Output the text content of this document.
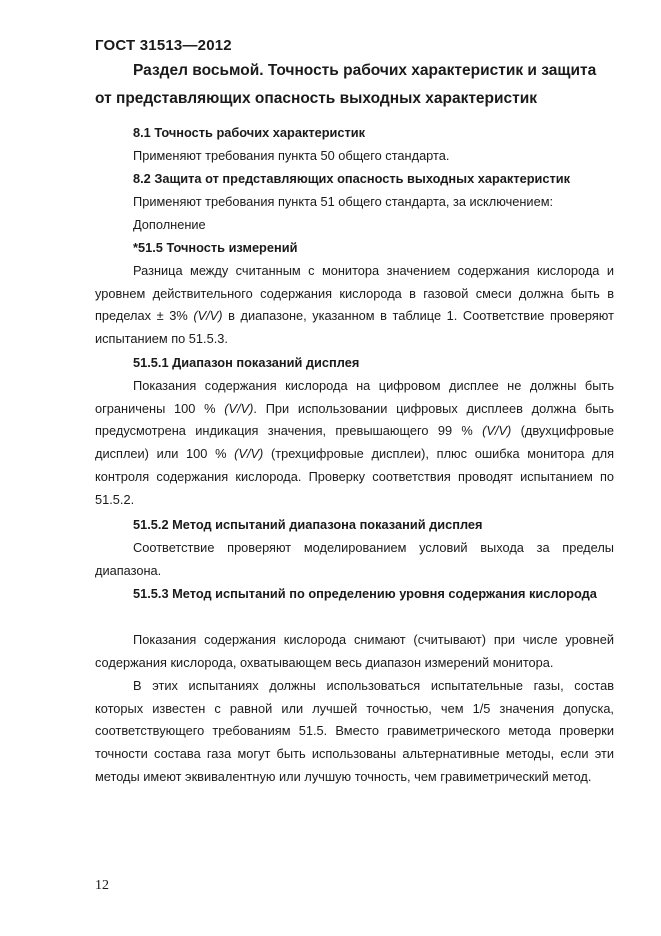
ГОСТ 31513—2012
Раздел восьмой. Точность рабочих характеристик и защита
от представляющих опасность выходных характеристик
8.1 Точность рабочих характеристик
Применяют требования пункта 50 общего стандарта.
8.2 Защита от представляющих опасность выходных характеристик
Применяют требования пункта 51 общего стандарта, за исключением:
Дополнение
*51.5 Точность измерений
Разница между считанным с монитора значением содержания кислорода и уровнем действительного содержания кислорода в газовой смеси должна быть в пределах ± 3% (V/V) в диапазоне, указанном в таблице 1. Соответствие проверяют испытанием по 51.5.3.
51.5.1 Диапазон показаний дисплея
Показания содержания кислорода на цифровом дисплее не должны быть ограничены 100 % (V/V). При использовании цифровых дисплеев должна быть предусмотрена индикация значения, превышающего 99 % (V/V) (двухцифровые дисплеи) или 100 % (V/V) (трехцифровые дисплеи), плюс ошибка монитора для контроля содержания кислорода. Проверку соответствия проводят испытанием по 51.5.2.
51.5.2 Метод испытаний диапазона показаний дисплея
Соответствие проверяют моделированием условий выхода за пределы диапазона.
51.5.3 Метод испытаний по определению уровня содержания кислорода
Показания содержания кислорода снимают (считывают) при числе уровней содержания кислорода, охватывающем весь диапазон измерений монитора.
В этих испытаниях должны использоваться испытательные газы, состав которых известен с равной или лучшей точностью, чем 1/5 значения допуска, соответствующего требованиям 51.5. Вместо гравиметрического метода проверки точности состава газа могут быть использованы альтернативные методы, если эти методы имеют эквивалентную или лучшую точность, чем гравиметрический метод.
12
